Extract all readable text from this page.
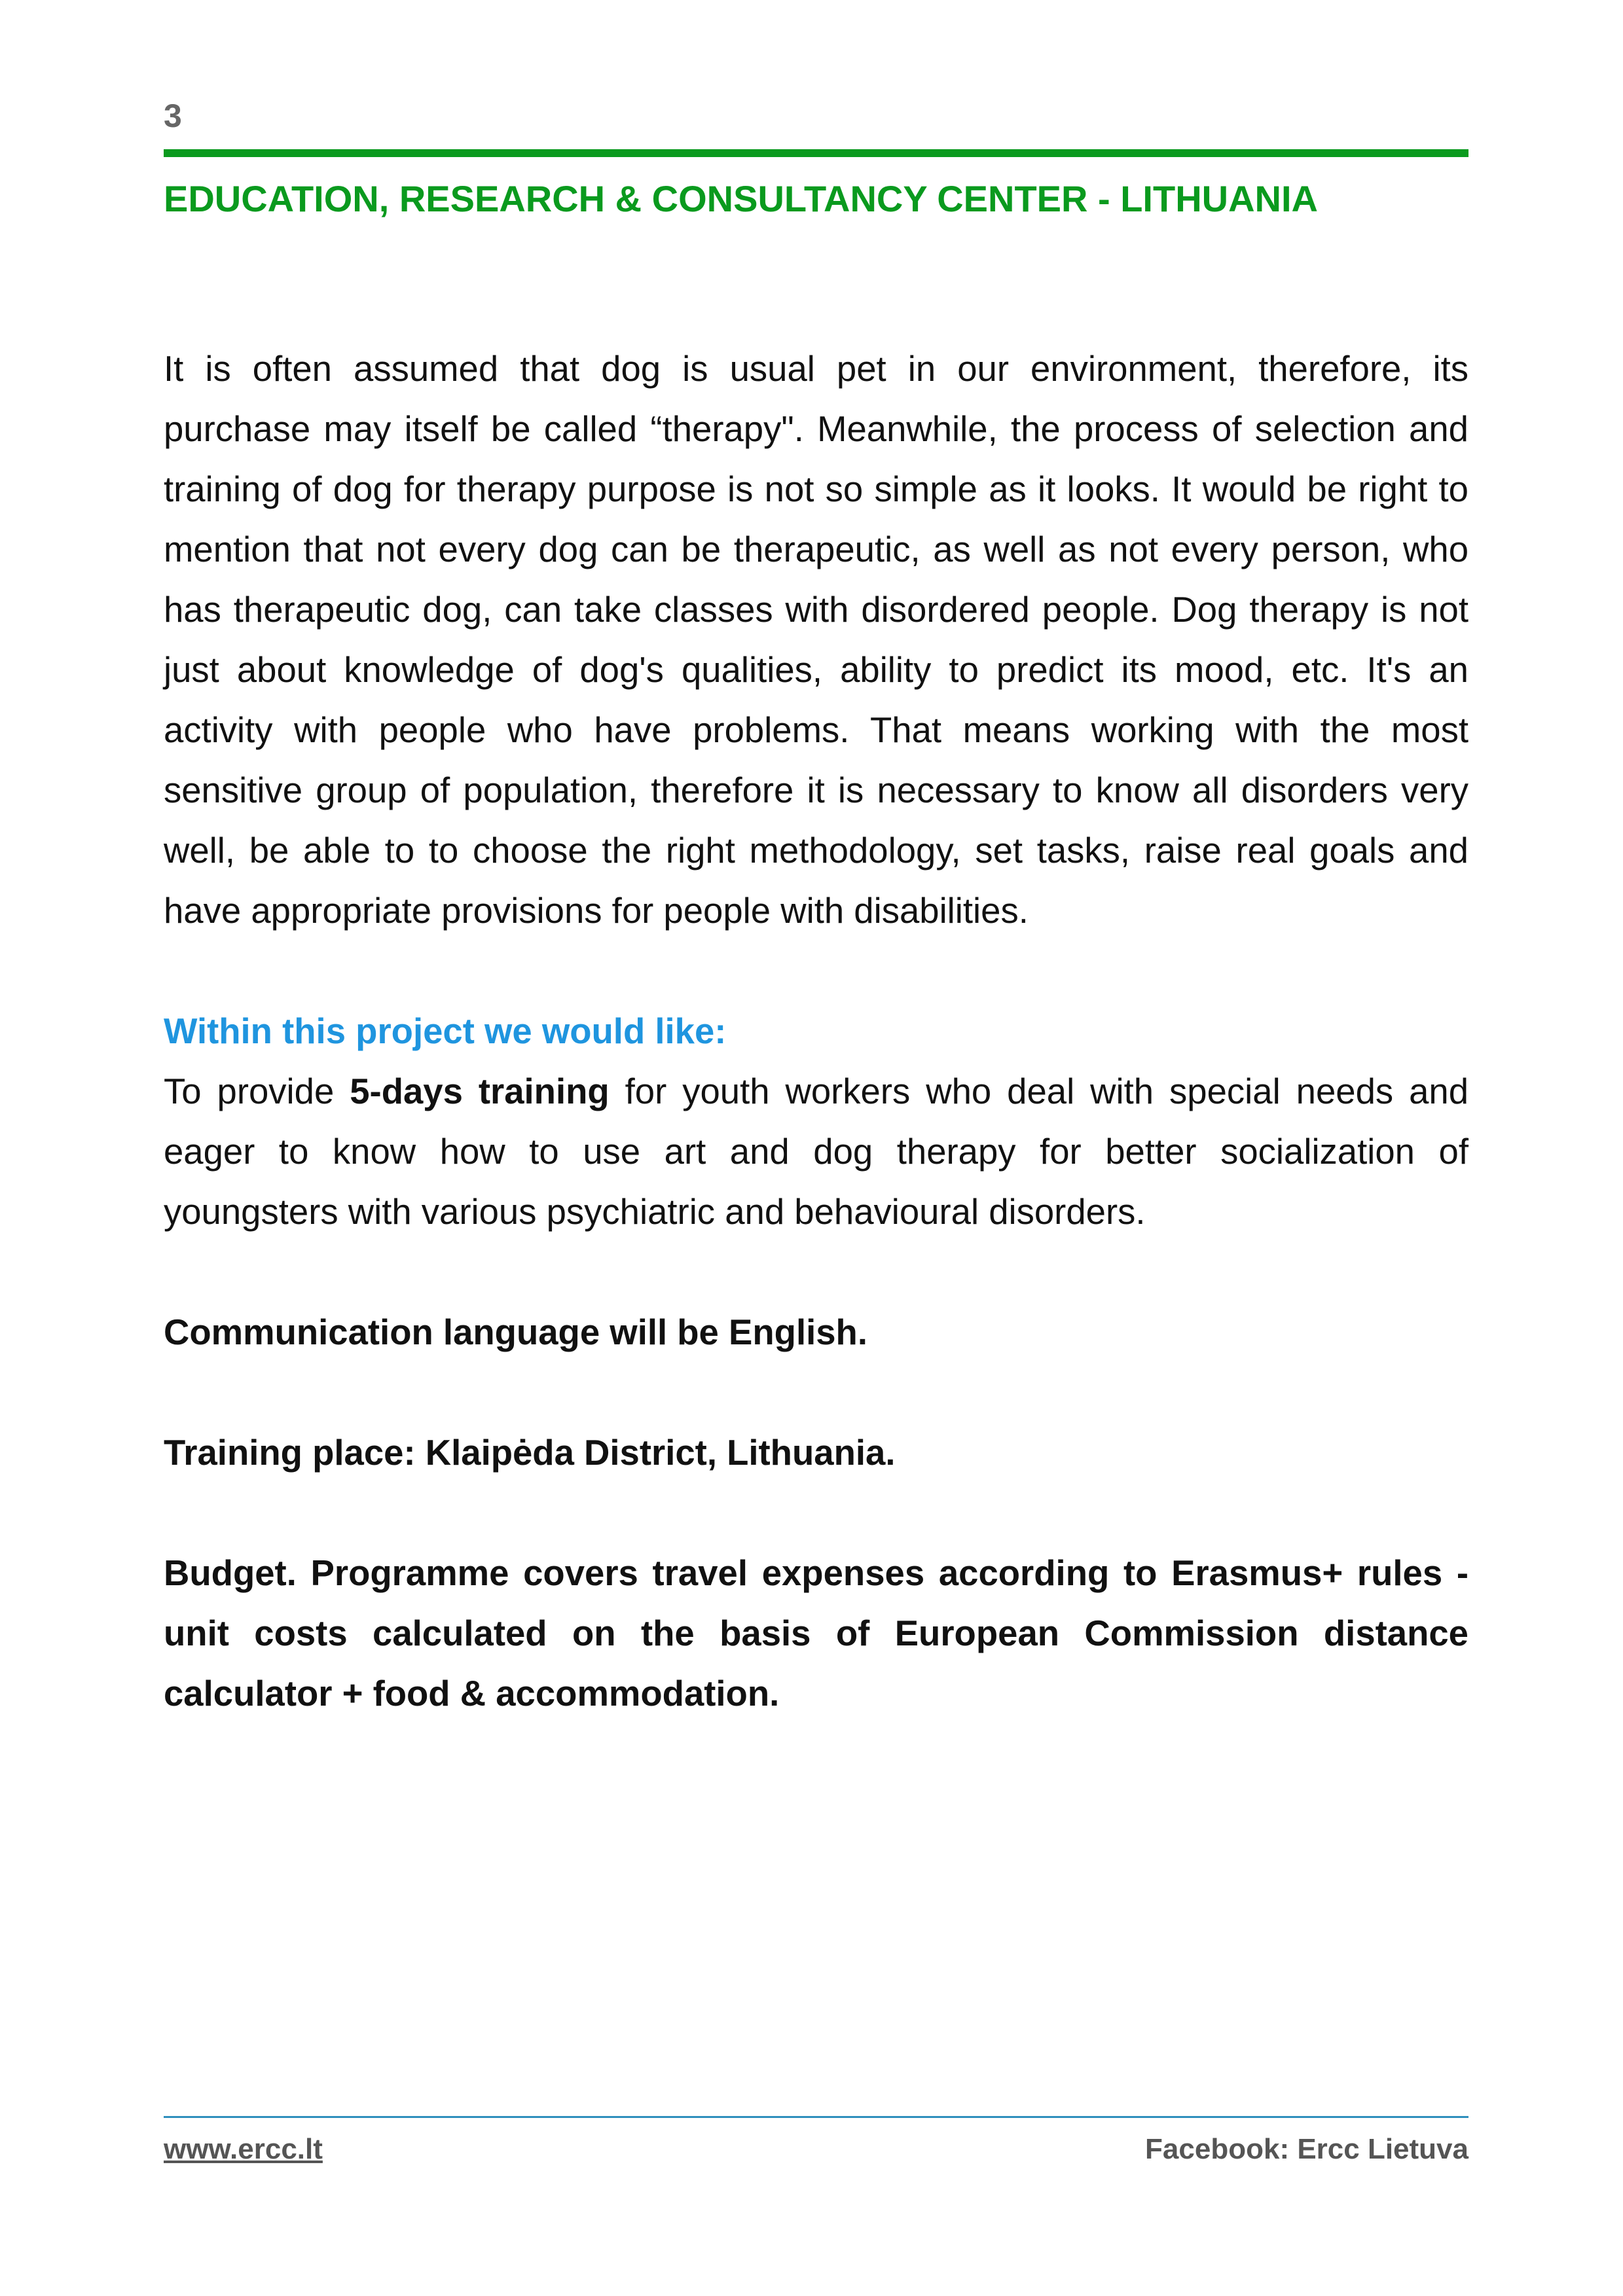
3
EDUCATION, RESEARCH & CONSULTANCY CENTER - LITHUANIA

It is often assumed that dog is usual pet in our environment, therefore, its purchase may itself be called “therapy". Meanwhile, the process of selection and training of dog for therapy purpose is not so simple as it looks. It would be right to mention that not every dog can be therapeutic, as well as not every person, who has therapeutic dog, can take classes with disordered people. Dog therapy is not just about knowledge of dog's qualities, ability to predict its mood, etc. It's an activity with people who have problems. That means working with the most sensitive group of population, therefore it is necessary to know all disorders very well, be able to to choose the right methodology, set tasks, raise real goals and have appropriate provisions for people with disabilities.

Within this project we would like:

To provide 5-days training for youth workers who deal with special needs and eager to know how to use art and dog therapy for better socialization of youngsters with various psychiatric and behavioural disorders.

Communication language will be English.

Training place: Klaipėda District, Lithuania.

Budget. Programme covers travel expenses according to Erasmus+ rules - unit costs calculated on the basis of European Commission distance calculator + food & accommodation.

www.ercc.lt	Facebook: Ercc Lietuva
